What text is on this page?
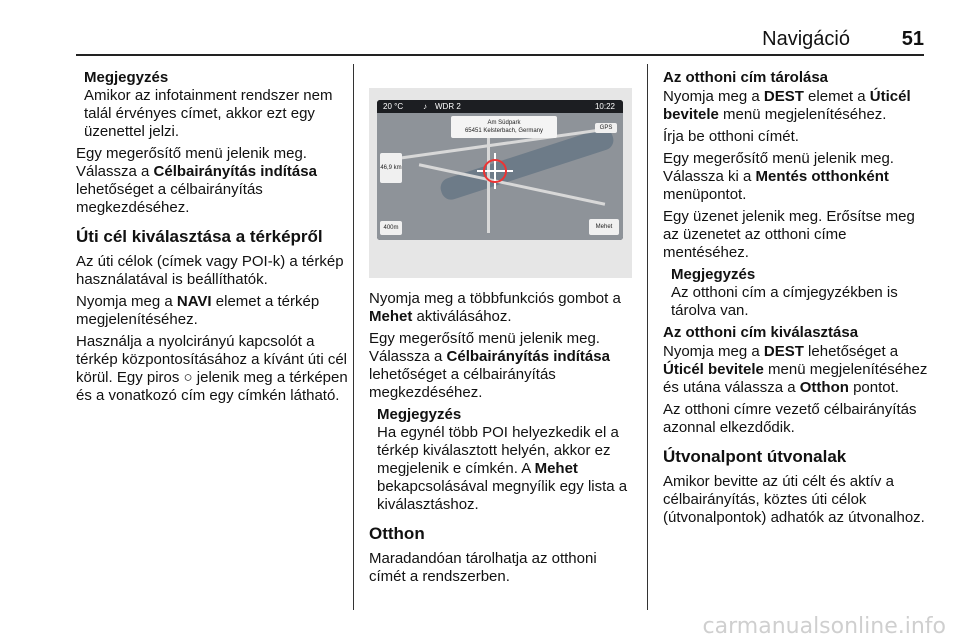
Navigáció	51
Megjegyzés
Amikor az infotainment rendszer nem talál érvényes címet, akkor ezt egy üzenettel jelzi.

Egy megerősítő menü jelenik meg. Válassza a Célbairányítás indítása lehetőséget a célbairányítás megkezdéséhez.

Úti cél kiválasztása a térképről

Az úti célok (címek vagy POI-k) a térkép használatával is beállíthatók.

Nyomja meg a NAVI elemet a térkép megjelenítéséhez.

Használja a nyolcirányú kapcsolót a térkép központosításához a kívánt úti cél körül. Egy piros ○ jelenik meg a térképen és a vonatkozó cím egy címkén látható.

20 °C ♪ WDR 2	10:22
Am Südpark
65451 Kelsterbach, Germany	GPS
46,9 km
400m	Mehet

Nyomja meg a többfunkciós gombot a Mehet aktiválásához.

Egy megerősítő menü jelenik meg. Válassza a Célbairányítás indítása lehetőséget a célbairányítás megkezdéséhez.

Megjegyzés
Ha egynél több POI helyezkedik el a térkép kiválasztott helyén, akkor ez megjelenik e címkén. A Mehet bekapcsolásával megnyílik egy lista a kiválasztáshoz.
Otthon

Maradandóan tárolhatja az otthoni címét a rendszerben.

Az otthoni cím tárolása

Nyomja meg a DEST elemet a Úticél bevitele menü megjelenítéséhez.

Írja be otthoni címét.

Egy megerősítő menü jelenik meg. Válassza ki a Mentés otthonként menüpontot.

Egy üzenet jelenik meg. Erősítse meg az üzenetet az otthoni címe mentéséhez.

Megjegyzés
Az otthoni cím a címjegyzékben is tárolva van.
Az otthoni cím kiválasztása

Nyomja meg a DEST lehetőséget a Úticél bevitele menü megjelenítéséhez és utána válassza a Otthon pontot.

Az otthoni címre vezető célbairányítás azonnal elkezdődik.

Útvonalpont útvonalak

Amikor bevitte az úti célt és aktív a célbairányítás, köztes úti célok (útvonalpontok) adhatók az útvonalhoz.

carmanualsonline.info
